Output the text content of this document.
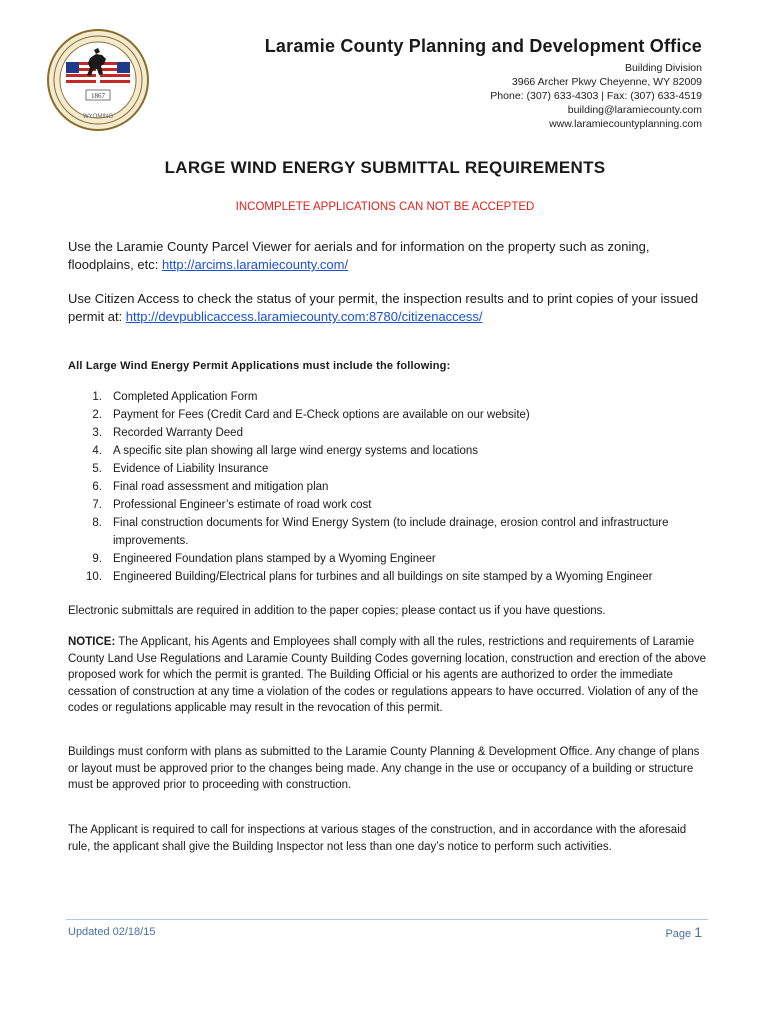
1867
WYOMING
Laramie County Planning and Development Office
Building Division
3966 Archer Pkwy Cheyenne, WY 82009
Phone: (307) 633-4303 | Fax: (307) 633-4519
building@laramiecounty.com
www.laramiecountyplanning.com
LARGE WIND ENERGY SUBMITTAL REQUIREMENTS
INCOMPLETE APPLICATIONS CAN NOT BE ACCEPTED
Use the Laramie County Parcel Viewer for aerials and for information on the property such as zoning, floodplains, etc: http://arcims.laramiecounty.com/
Use Citizen Access to check the status of your permit, the inspection results and to print copies of your issued permit at: http://devpublicaccess.laramiecounty.com:8780/citizenaccess/
All Large Wind Energy Permit Applications must include the following:
1. Completed Application Form
2. Payment for Fees (Credit Card and E-Check options are available on our website)
3. Recorded Warranty Deed
4. A specific site plan showing all large wind energy systems and locations
5. Evidence of Liability Insurance
6. Final road assessment and mitigation plan
7. Professional Engineer’s estimate of road work cost
8. Final construction documents for Wind Energy System (to include drainage, erosion control and infrastructure improvements.
9. Engineered Foundation plans stamped by a Wyoming Engineer
10. Engineered Building/Electrical plans for turbines and all buildings on site stamped by a Wyoming Engineer
Electronic submittals are required in addition to the paper copies; please contact us if you have questions.
NOTICE: The Applicant, his Agents and Employees shall comply with all the rules, restrictions and requirements of Laramie County Land Use Regulations and Laramie County Building Codes governing location, construction and erection of the above proposed work for which the permit is granted. The Building Official or his agents are authorized to order the immediate cessation of construction at any time a violation of the codes or regulations appears to have occurred. Violation of any of the codes or regulations applicable may result in the revocation of this permit.
Buildings must conform with plans as submitted to the Laramie County Planning & Development Office. Any change of plans or layout must be approved prior to the changes being made. Any change in the use or occupancy of a building or structure must be approved prior to proceeding with construction.
The Applicant is required to call for inspections at various stages of the construction, and in accordance with the aforesaid rule, the applicant shall give the Building Inspector not less than one day’s notice to perform such activities.
Updated 02/18/15	Page 1
